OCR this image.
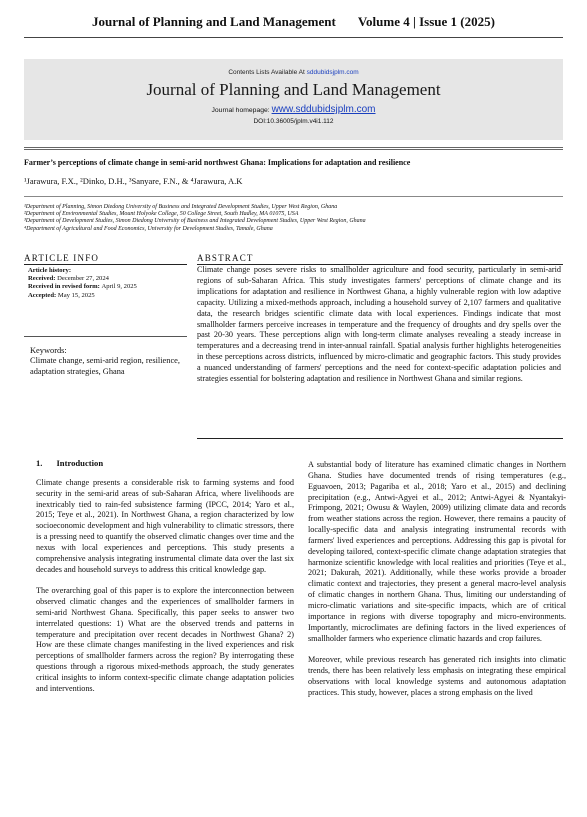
Journal of Planning and Land Management Volume 4 | Issue 1 (2025)
Contents Lists Available At sddubidsjplm.com
Journal of Planning and Land Management
Journal homepage: www.sddubidsjplm.com
DOI:10.36005/jplm.v4i1.112
Farmer’s perceptions of climate change in semi-arid northwest Ghana: Implications for adaptation and resilience
¹Jarawura, F.X., ²Dinko, D.H., ³Sanyare, F.N., & ⁴Jarawura, A.K
¹Department of Planning, Simon Diedong University of Business and Integrated Development Studies, Upper West Region, Ghana
²Department of Environmental Studies, Mount Holyoke College, 50 College Street, South Hadley, MA 01075, USA
³Department of Development Studies, Simon Diedong University of Business and Integrated Development Studies, Upper West Region, Ghana
⁴Department of Agricultural and Food Economics, University for Development Studies, Tamale, Ghana
ARTICLE INFO	ABSTRACT
Article history:
Received: December 27, 2024
Received in revised form: April 9, 2025
Accepted: May 15, 2025
Keywords:
Climate change, semi-arid region, resilience, adaptation strategies, Ghana
Climate change poses severe risks to smallholder agriculture and food security, particularly in semi-arid regions of sub-Saharan Africa. This study investigates farmers' perceptions of climate change and its implications for adaptation and resilience in Northwest Ghana, a highly vulnerable region with low adaptive capacity. Utilizing a mixed-methods approach, including a household survey of 2,107 farmers and qualitative data, the research bridges scientific climate data with local experiences. Findings indicate that most smallholder farmers perceive increases in temperature and the frequency of droughts and dry spells over the past 20-30 years. These perceptions align with long-term climate analyses revealing a steady increase in temperatures and a decreasing trend in inter-annual rainfall. Spatial analysis further highlights heterogeneities in these perceptions across districts, influenced by micro-climatic and geographic factors. This study provides a nuanced understanding of farmers' perceptions and the need for context-specific adaptation policies and strategies essential for bolstering adaptation and resilience in Northwest Ghana and similar regions.
1. Introduction

Climate change presents a considerable risk to farming systems and food security in the semi-arid areas of sub-Saharan Africa, where livelihoods are inextricably tied to rain-fed subsistence farming (IPCC, 2014; Yaro et al., 2015; Teye et al., 2021). In Northwest Ghana, a region characterized by low socioeconomic development and high vulnerability to climatic stressors, there is a pressing need to quantify the observed climatic changes over time and the nexus with local experiences and perceptions. This study presents a comprehensive analysis integrating instrumental climate data over the last six decades and household surveys to address this critical knowledge gap.

The overarching goal of this paper is to explore the interconnection between observed climatic changes and the experiences of smallholder farmers in semi-arid Northwest Ghana. Specifically, this paper seeks to answer two interrelated questions: 1) What are the observed trends and patterns in temperature and precipitation over recent decades in Northwest Ghana? 2) How are these climate changes manifesting in the lived experiences and risk perceptions of smallholder farmers across the region? By interrogating these questions through a rigorous mixed-methods approach, the study generates critical insights to inform context-specific climate change adaptation policies and interventions.

A substantial body of literature has examined climatic changes in Northern Ghana. Studies have documented trends of rising temperatures (e.g., Eguavoen, 2013; Pagariba et al., 2018; Yaro et al., 2015) and declining precipitation (e.g., Antwi-Agyei et al., 2012; Antwi-Agyei & Nyantakyi-Frimpong, 2021; Owusu & Waylen, 2009) utilizing climate data and records from weather stations across the region. However, there remains a paucity of locally-specific data and analysis integrating instrumental records with farmers' lived experiences and perceptions. Addressing this gap is pivotal for developing tailored, context-specific climate change adaptation strategies that harmonize scientific knowledge with local realities and priorities (Teye et al., 2021; Dakurah, 2021). Additionally, while these works provide a broader climatic context and trajectories, they present a general macro-level analysis of climatic changes in northern Ghana. Thus, limiting our understanding of micro-climatic variations and site-specific impacts, which are of critical importance in regions with diverse topography and micro-environments. Importantly, microclimates are defining factors in the lived experiences of smallholder farmers who experience climatic hazards and crop failures.

Moreover, while previous research has generated rich insights into climatic trends, there has been relatively less emphasis on integrating these empirical observations with local knowledge systems and autonomous adaptation practices. This study, however, places a strong emphasis on the lived
